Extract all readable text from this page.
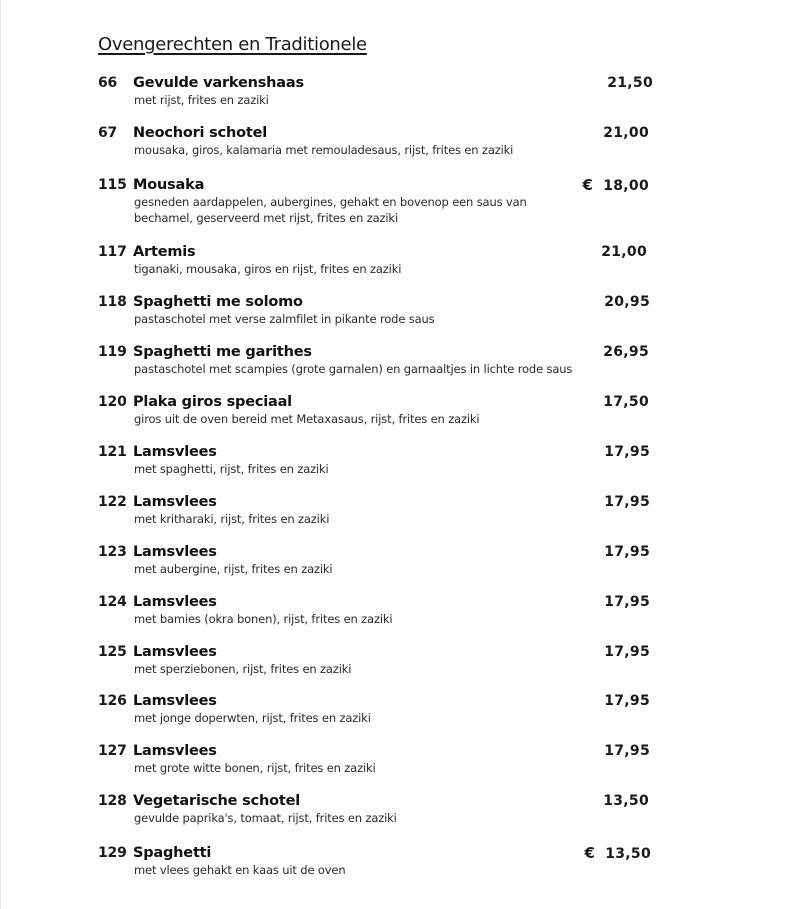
Ovengerechten en Traditionele
66 Gevulde varkenshaas	21,50
met rijst, frites en zaziki
67 Neochori schotel	21,00
mousaka, giros, kalamaria met remouladesaus, rijst, frites en zaziki
115 Mousaka	€ 18,00
gesneden aardappelen, aubergines, gehakt en bovenop een saus van
bechamel, geserveerd met rijst, frites en zaziki
117 Artemis	21,00
tiganaki, mousaka, giros en rijst, frites en zaziki
118 Spaghetti me solomo	20,95
pastaschotel met verse zalmfilet in pikante rode saus
119 Spaghetti me garithes	26,95
pastaschotel met scampies (grote garnalen) en garnaaltjes in lichte rode saus
120 Plaka giros speciaal	17,50
giros uit de oven bereid met Metaxasaus, rijst, frites en zaziki
121 Lamsvlees	17,95
met spaghetti, rijst, frites en zaziki
122 Lamsvlees	17,95
met kritharaki, rijst, frites en zaziki
123 Lamsvlees	17,95
met aubergine, rijst, frites en zaziki
124 Lamsvlees	17,95
met bamies (okra bonen), rijst, frites en zaziki
125 Lamsvlees	17,95
met sperziebonen, rijst, frites en zaziki
126 Lamsvlees	17,95
met jonge doperwten, rijst, frites en zaziki
127 Lamsvlees	17,95
met grote witte bonen, rijst, frites en zaziki
128 Vegetarische schotel	13,50
gevulde paprika's, tomaat, rijst, frites en zaziki
129 Spaghetti	€ 13,50
met vlees gehakt en kaas uit de oven
